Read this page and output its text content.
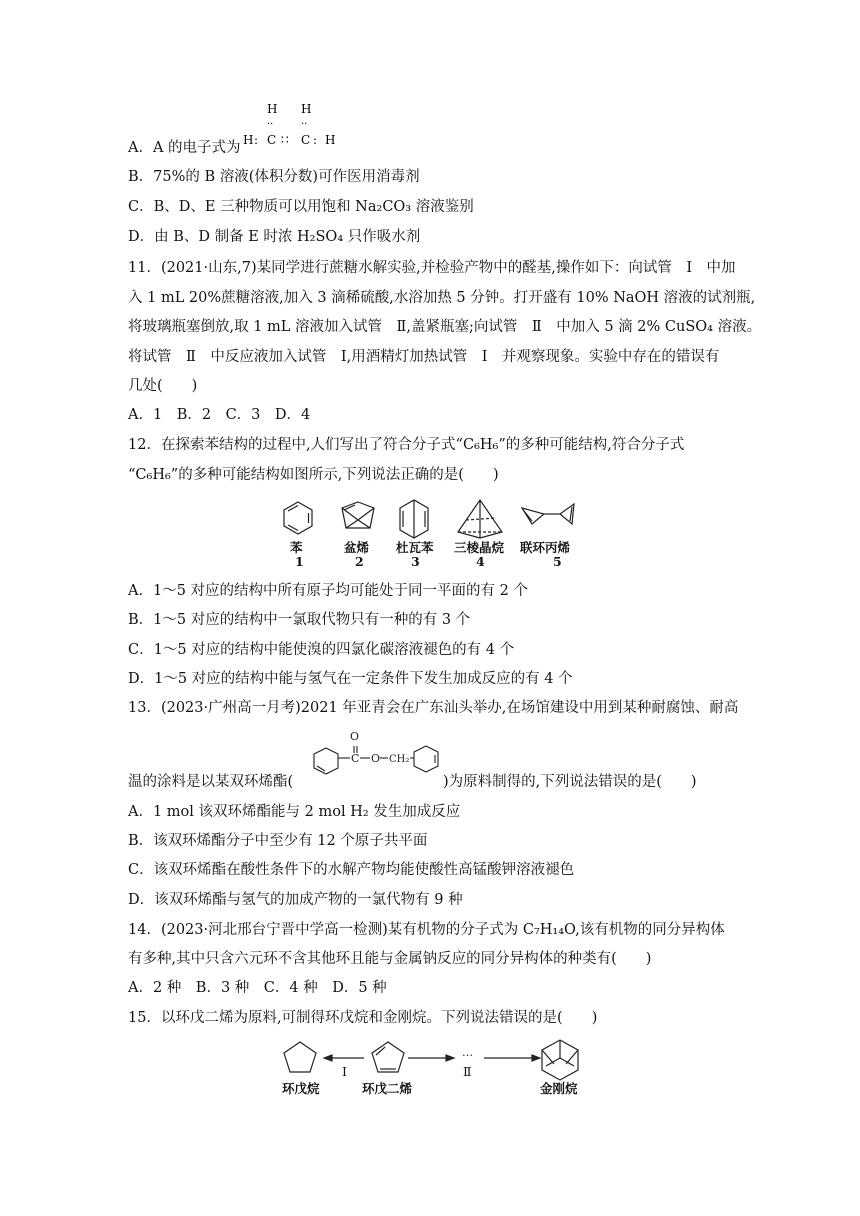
H H
··	··
H : C ∷ C : H
A．A 的电子式为
B．75%的 B 溶液(体积分数)可作医用消毒剂
C．B、D、E 三种物质可以用饱和 Na₂CO₃ 溶液鉴别
D．由 B、D 制备 E 时浓 H₂SO₄ 只作吸水剂
11．(2021·山东,7)某同学进行蔗糖水解实验,并检验产物中的醛基,操作如下：向试管　Ⅰ　中加
入 1 mL 20%蔗糖溶液,加入 3 滴稀硫酸,水浴加热 5 分钟。打开盛有 10% NaOH 溶液的试剂瓶,
将玻璃瓶塞倒放,取 1 mL 溶液加入试管　Ⅱ,盖紧瓶塞;向试管　Ⅱ　中加入 5 滴 2% CuSO₄ 溶液。
将试管　Ⅱ　中反应液加入试管　Ⅰ,用酒精灯加热试管　Ⅰ　并观察现象。实验中存在的错误有
几处(　　)
A．1　B．2　C．3　D．4
12．在探索苯结构的过程中,人们写出了符合分子式“C₆H₆”的多种可能结构,符合分子式
“C₆H₆”的多种可能结构如图所示,下列说法正确的是(　　)
苯	盆烯 杜瓦苯 三棱晶烷 联环丙烯
1	2	3	4	5
A．1～5 对应的结构中所有原子均可能处于同一平面的有 2 个
B．1～5 对应的结构中一氯取代物只有一种的有 3 个
C．1～5 对应的结构中能使溴的四氯化碳溶液褪色的有 4 个
D．1～5 对应的结构中能与氢气在一定条件下发生加成反应的有 4 个
13．(2023·广州高一月考)2021 年亚青会在广东汕头举办,在场馆建设中用到某种耐腐蚀、耐高
温的涂料是以某双环烯酯(
O
C O CH₂
)为原料制得的,下列说法错误的是(　　)
A．1 mol 该双环烯酯能与 2 mol H₂ 发生加成反应
B．该双环烯酯分子中至少有 12 个原子共平面
C．该双环烯酯在酸性条件下的水解产物均能使酸性高锰酸钾溶液褪色
D．该双环烯酯与氢气的加成产物的一氯代物有 9 种
14．(2023·河北邢台宁晋中学高一检测)某有机物的分子式为 C₇H₁₄O,该有机物的同分异构体
有多种,其中只含六元环不含其他环且能与金属钠反应的同分异构体的种类有(　　)
A．2 种　B．3 种　C．4 种　D．5 种
15．以环戊二烯为原料,可制得环戊烷和金刚烷。下列说法错误的是(　　)
环戊烷	环戊二烯	金刚烷
Ⅰ	Ⅱ
…
